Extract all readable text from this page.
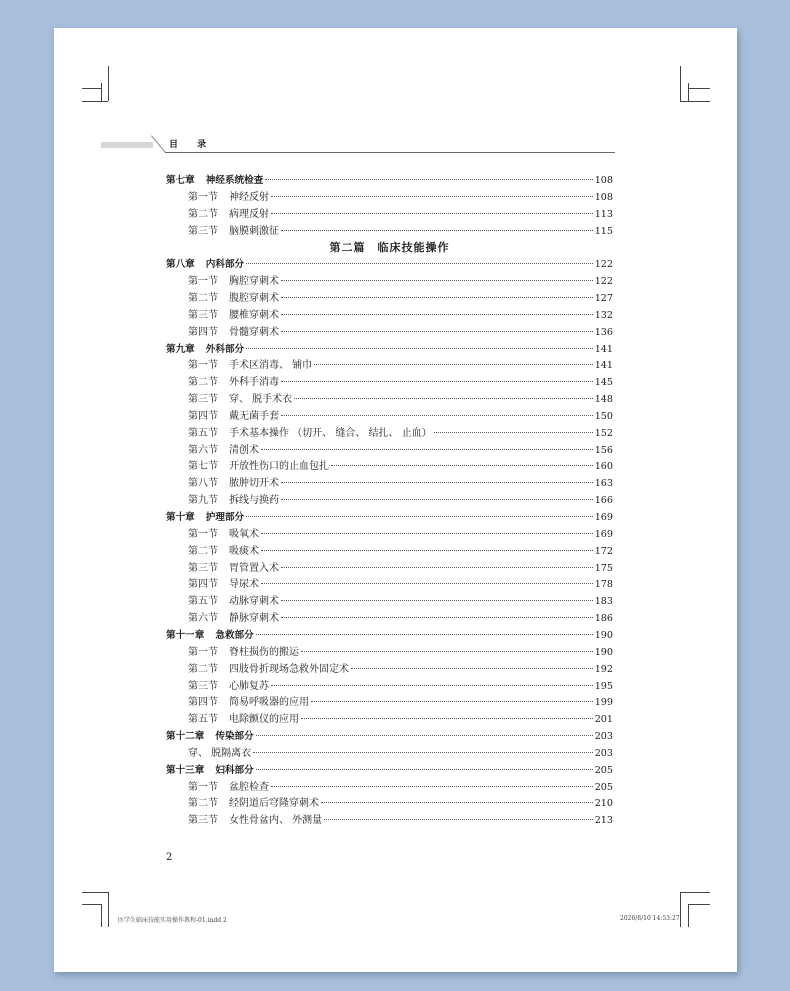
目 录
第七章 神经系统检查	108
第一节 神经反射	108
第二节 病理反射	113
第三节 脑膜刺激征	115
第二篇　临床技能操作
第八章 内科部分	122
第一节 胸腔穿刺术	122
第二节 腹腔穿刺术	127
第三节 腰椎穿刺术	132
第四节 骨髓穿刺术	136
第九章 外科部分	141
第一节 手术区消毒、 铺巾	141
第二节 外科手消毒	145
第三节 穿、 脱手术衣	148
第四节 戴无菌手套	150
第五节 手术基本操作 （切开、 缝合、 结扎、 止血）	152
第六节 清创术	156
第七节 开放性伤口的止血包扎	160
第八节 脓肿切开术	163
第九节 拆线与换药	166
第十章 护理部分	169
第一节 吸氧术	169
第二节 吸痰术	172
第三节 胃管置入术	175
第四节 导尿术	178
第五节 动脉穿刺术	183
第六节 静脉穿刺术	186
第十一章 急救部分	190
第一节 脊柱损伤的搬运	190
第二节 四肢骨折现场急救外固定术	192
第三节 心肺复苏	195
第四节 简易呼吸器的应用	199
第五节 电除颤仪的应用	201
第十二章 传染部分	203
穿、 脱隔离衣	203
第十三章 妇科部分	205
第一节 盆腔检查	205
第二节 经阴道后穹隆穿刺术	210
第三节 女性骨盆内、 外测量	213
2
医学生临床技能实用操作教程-01.indd 2	2026/8/10 14:53:27
